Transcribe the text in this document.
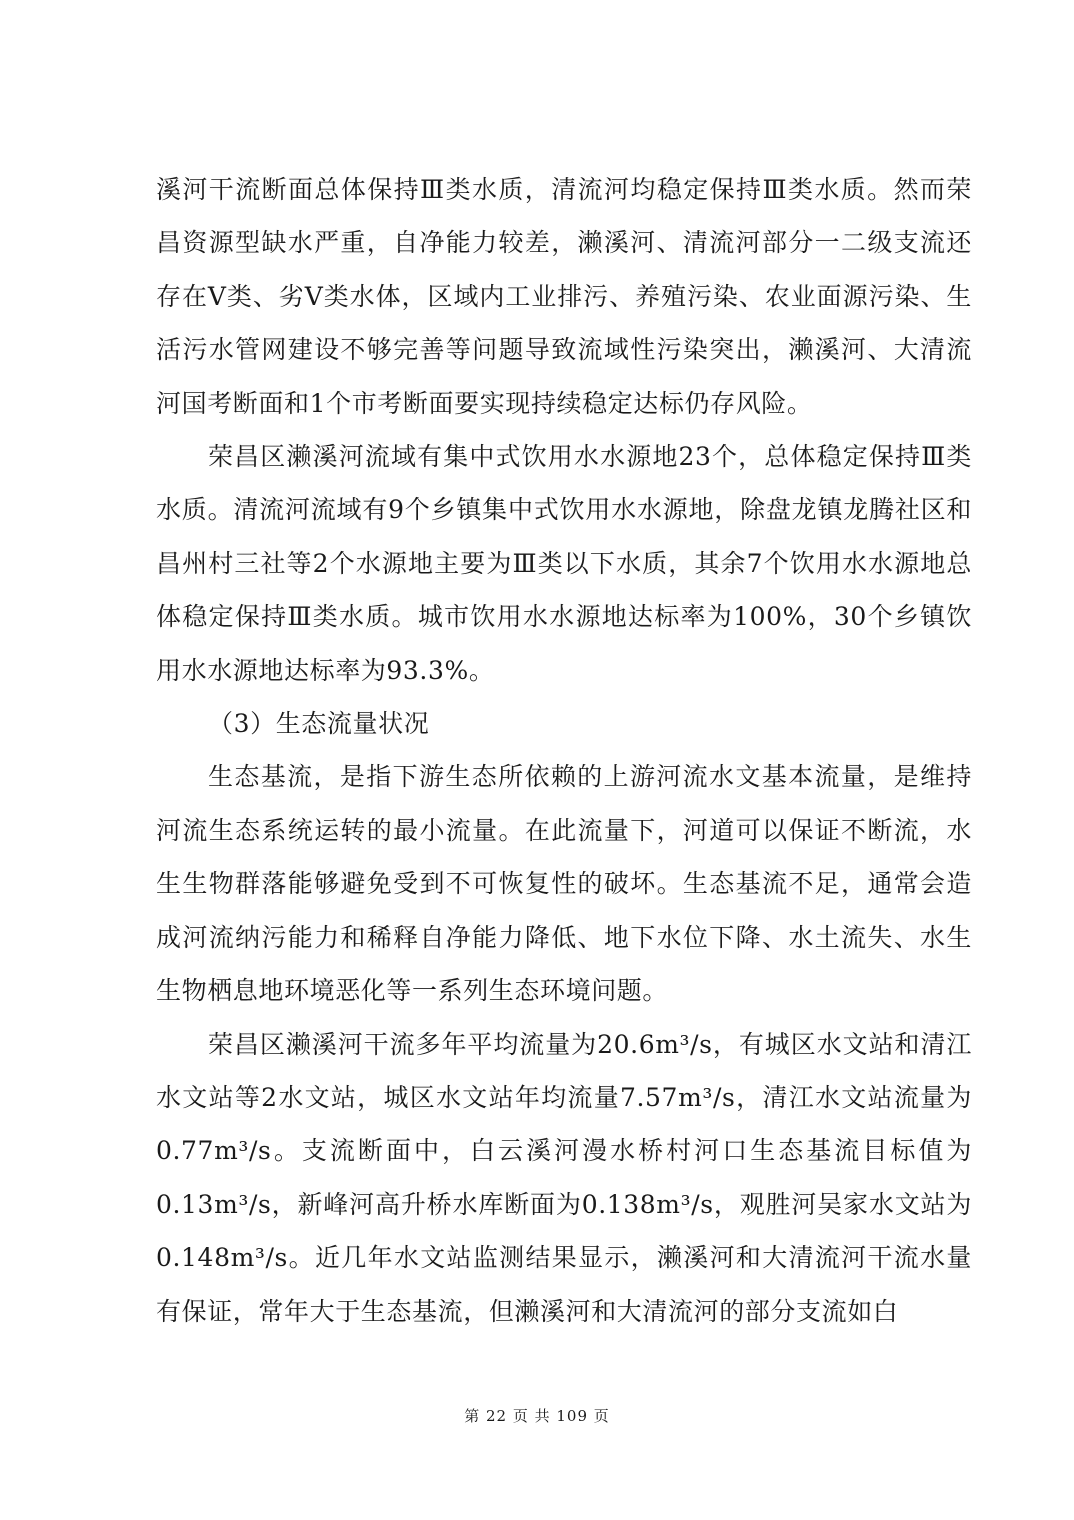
溪河干流断面总体保持Ⅲ类水质，清流河均稳定保持Ⅲ类水质。然而荣昌资源型缺水严重，自净能力较差，濑溪河、清流河部分一二级支流还存在Ⅴ类、劣Ⅴ类水体，区域内工业排污、养殖污染、农业面源污染、生活污水管网建设不够完善等问题导致流域性污染突出，濑溪河、大清流河国考断面和1个市考断面要实现持续稳定达标仍存风险。

荣昌区濑溪河流域有集中式饮用水水源地23个，总体稳定保持Ⅲ类水质。清流河流域有9个乡镇集中式饮用水水源地，除盘龙镇龙腾社区和昌州村三社等2个水源地主要为Ⅲ类以下水质，其余7个饮用水水源地总体稳定保持Ⅲ类水质。城市饮用水水源地达标率为100%，30个乡镇饮用水水源地达标率为93.3%。

（3）生态流量状况

生态基流，是指下游生态所依赖的上游河流水文基本流量，是维持河流生态系统运转的最小流量。在此流量下，河道可以保证不断流，水生生物群落能够避免受到不可恢复性的破坏。生态基流不足，通常会造成河流纳污能力和稀释自净能力降低、地下水位下降、水土流失、水生生物栖息地环境恶化等一系列生态环境问题。

荣昌区濑溪河干流多年平均流量为20.6m³/s，有城区水文站和清江水文站等2水文站，城区水文站年均流量7.57m³/s，清江水文站流量为0.77m³/s。支流断面中，白云溪河漫水桥村河口生态基流目标值为0.13m³/s，新峰河高升桥水库断面为0.138m³/s，观胜河吴家水文站为0.148m³/s。近几年水文站监测结果显示，濑溪河和大清流河干流水量有保证，常年大于生态基流，但濑溪河和大清流河的部分支流如白

第 22 页 共 109 页
